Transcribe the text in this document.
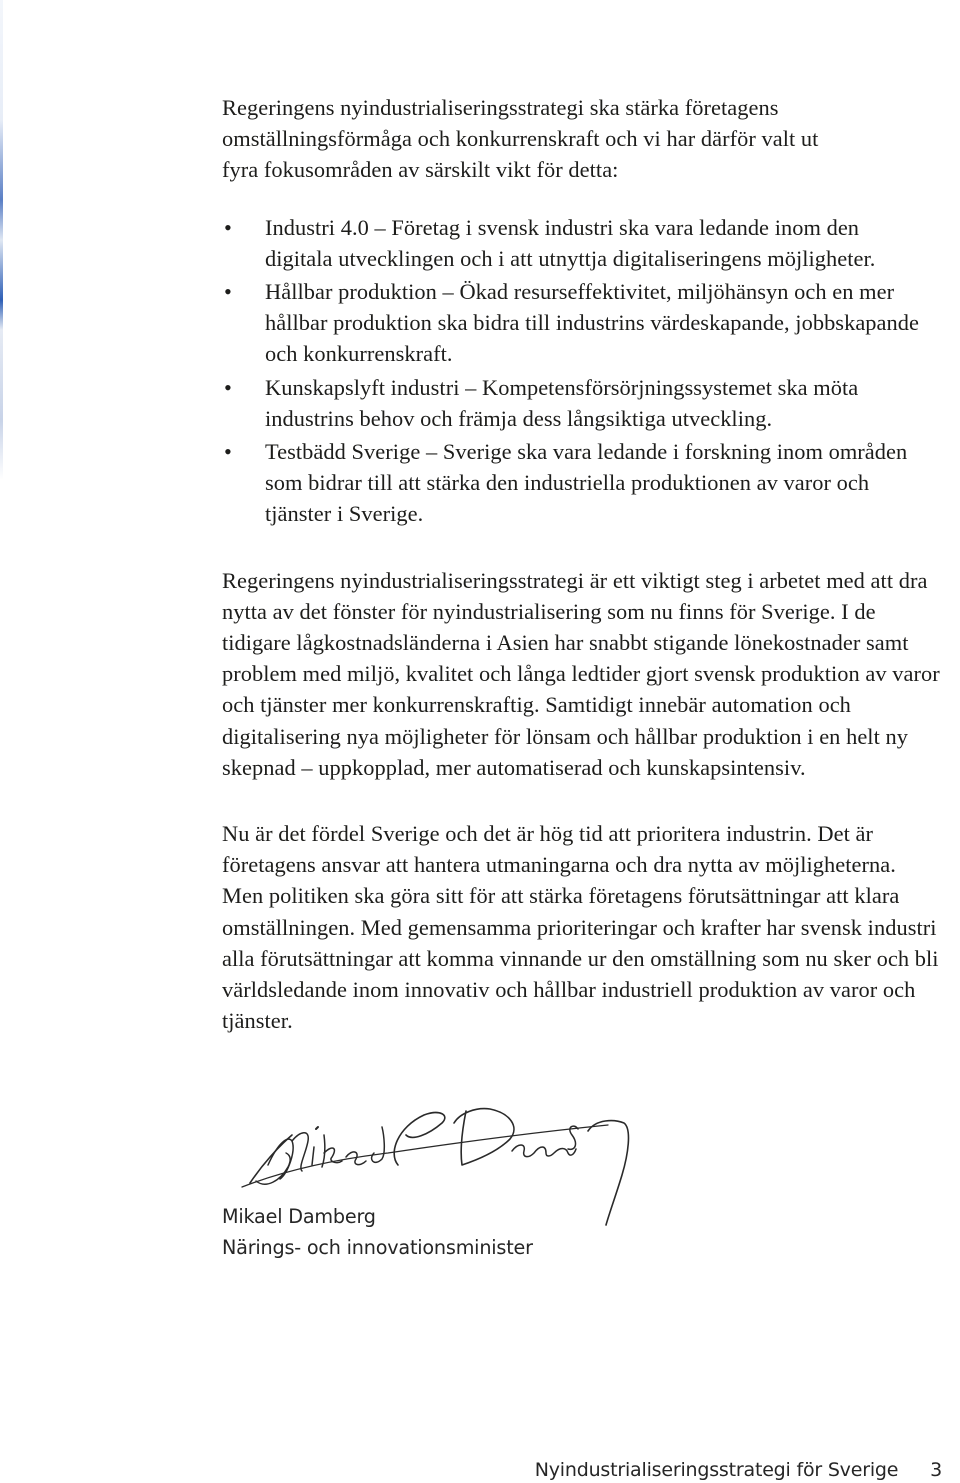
Regeringens nyindustrialiseringsstrategi ska stärka företagens omställningsförmåga och konkurrenskraft och vi har därför valt ut fyra fokusområden av särskilt vikt för detta:

• Industri 4.0 – Företag i svensk industri ska vara ledande inom den digitala utvecklingen och i att utnyttja digitaliseringens möjligheter.
• Hållbar produktion – Ökad resurseffektivitet, miljöhänsyn och en mer hållbar produktion ska bidra till industrins värdeskapande, jobbskapande och konkurrenskraft.
• Kunskapslyft industri – Kompetensförsörjningssystemet ska möta industrins behov och främja dess långsiktiga utveckling.
• Testbädd Sverige – Sverige ska vara ledande i forskning inom områden som bidrar till att stärka den industriella produktionen av varor och tjänster i Sverige.

Regeringens nyindustrialiseringsstrategi är ett viktigt steg i arbetet med att dra nytta av det fönster för nyindustrialisering som nu finns för Sverige. I de tidigare lågkostnadsländerna i Asien har snabbt stigande lönekostnader samt problem med miljö, kvalitet och långa ledtider gjort svensk produktion av varor och tjänster mer konkurrenskraftig. Samtidigt innebär automation och digitalisering nya möjligheter för lönsam och hållbar produktion i en helt ny skepnad – uppkopplad, mer automatiserad och kunskapsintensiv.

Nu är det fördel Sverige och det är hög tid att prioritera industrin. Det är företagens ansvar att hantera utmaningarna och dra nytta av möjligheterna. Men politiken ska göra sitt för att stärka företagens förutsättningar att klara omställningen. Med gemensamma prioriteringar och krafter har svensk industri alla förutsättningar att komma vinnande ur den omställning som nu sker och bli världsledande inom innovativ och hållbar industriell produktion av varor och tjänster.

Mikael Damberg
Närings- och innovationsminister
Nyindustrialiseringsstrategi för Sverige 3
